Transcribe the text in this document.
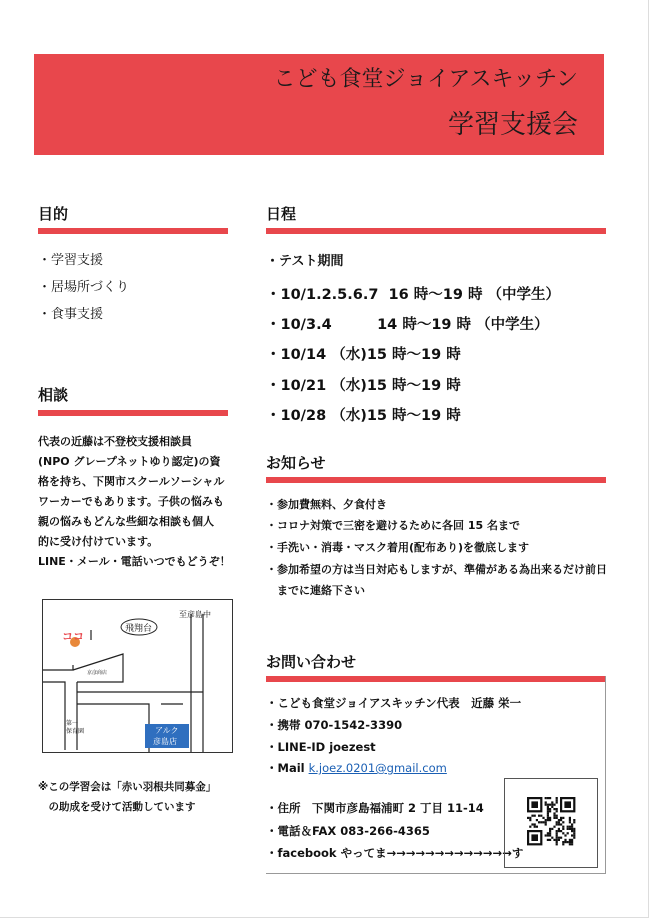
こども食堂ジョイアスキッチン
学習支援会
目的
・学習支援
・居場所づくり
・食事支援
相談
代表の近藤は不登校支援相談員
(NPO グレープネットゆり認定)の資
格を持ち、下関市スクールソーシャル
ワーカーでもあります。子供の悩みも
親の悩みもどんな些細な相談も個人
的に受け付けています。
LINE・メール・電話いつでもどうぞ！
ココ
飛翔台
至彦島中
京彦商店
第一
保育園	アルク
彦島店
※この学習会は「赤い羽根共同募金」
　の助成を受けて活動しています
日程
・テスト期間
・10/1.2.5.6.7  16 時〜19 時 （中学生）
・10/3.4         14 時〜19 時 （中学生）
・10/14 （水)15 時〜19 時
・10/21 （水)15 時〜19 時
・10/28 （水)15 時〜19 時
お知らせ
・参加費無料、夕食付き
・コロナ対策で三密を避けるために各回 15 名まで
・手洗い・消毒・マスク着用(配布あり)を徹底します
・参加希望の方は当日対応もしますが、準備がある為出来るだけ前日
　までに連絡下さい
お問い合わせ
・こども食堂ジョイアスキッチン代表　近藤 栄一
・携帯 070-1542-3390
・LINE-ID joezest
・Mail k.joez.0201@gmail.com
・住所　下関市彦島福浦町 2 丁目 11-14
・電話＆FAX 083-266-4365
・facebook やってま→→→→→→→→→→→→→す
